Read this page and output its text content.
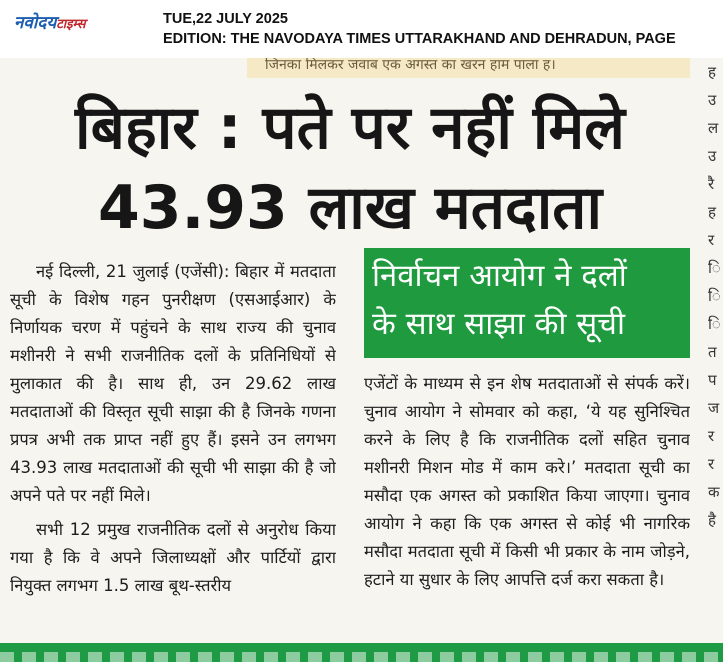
नवोदयटाइम्स	TUE,22 JULY 2025
EDITION: THE NAVODAYA TIMES UTTARAKHAND AND DEHRADUN, PAGE
जिनका मिलकर जवाब एक अगस्त का खरन हाम पाला ह।
बिहार : पते पर नहीं मिले
43.93 लाख मतदाता
निर्वाचन आयोग ने दलों
के साथ साझा की सूची

नई दिल्ली, 21 जुलाई (एजेंसी): बिहार में मतदाता सूची के विशेष गहन पुनरीक्षण (एसआईआर) के निर्णायक चरण में पहुंचने के साथ राज्य की चुनाव मशीनरी ने सभी राजनीतिक दलों के प्रतिनिधियों से मुलाकात की है। साथ ही, उन 29.62 लाख मतदाताओं की विस्तृत सूची साझा की है जिनके गणना प्रपत्र अभी तक प्राप्त नहीं हुए हैं। इसने उन लगभग 43.93 लाख मतदाताओं की सूची भी साझा की है जो अपने पते पर नहीं मिले।

सभी 12 प्रमुख राजनीतिक दलों से अनुरोध किया गया है कि वे अपने जिलाध्यक्षों और पार्टियों द्वारा नियुक्त लगभग 1.5 लाख बूथ-स्तरीय

एजेंटों के माध्यम से इन शेष मतदाताओं से संपर्क करें। चुनाव आयोग ने सोमवार को कहा, ‘ये यह सुनिश्चित करने के लिए है कि राजनीतिक दलों सहित चुनाव मशीनरी मिशन मोड में काम करे।’ मतदाता सूची का मसौदा एक अगस्त को प्रकाशित किया जाएगा। चुनाव आयोग ने कहा कि एक अगस्त से कोई भी नागरिक मसौदा मतदाता सूची में किसी भी प्रकार के नाम जोड़ने, हटाने या सुधार के लिए आपत्ति दर्ज करा सकता है।

ह
उ
ल
उ
रै
ह
र
ि
ि
ि
त
प
ज
र
र
क
है
